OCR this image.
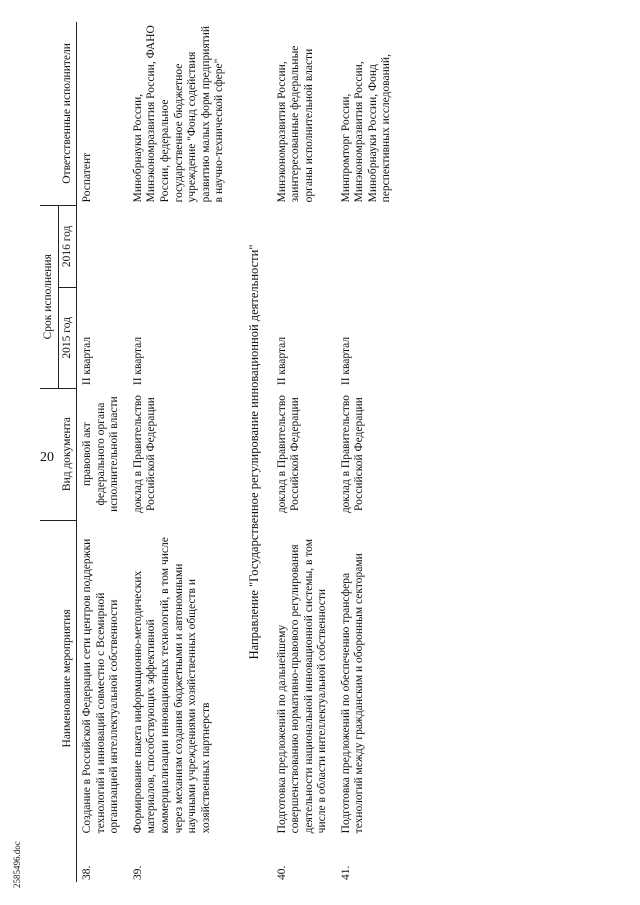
20
2585496.doc
	Наименование мероприятия	Вид документа	Срок исполнения		Ответственные исполнители
			2015 год	2016 год	
38.	Создание в Российской Федерации сети центров поддержки технологий и инноваций совместно с Всемирной организацией интеллектуальной собственности	правовой акт федерального органа исполнительной власти	II квартал		Роспатент
39.	Формирование пакета информационно-методических материалов, способствующих эффективной коммерциализации инновационных технологий, в том числе через механизм создания бюджетными и автономными научными учреждениями хозяйственных обществ и хозяйственных партнерств	доклад в Правительство Российской Федерации	II квартал		Минобрнауки России, Минэкономразвития России, ФАНО России, федеральное государственное бюджетное учреждение "Фонд содействия развитию малых форм предприятий в научно-технической сфере"
Направление "Государственное регулирование инновационной деятельности"					
40.	Подготовка предложений по дальнейшему совершенствованию нормативно-правового регулирования деятельности национальной инновационной системы, в том числе в области интеллектуальной собственности	доклад в Правительство Российской Федерации	II квартал		Минэкономразвития России, заинтересованные федеральные органы исполнительной власти
41.	Подготовка предложений по обеспечению трансфера технологий между гражданским и оборонным секторами	доклад в Правительство Российской Федерации	II квартал		Минпромторг России, Минэкономразвития России, Минобрнауки России, Фонд перспективных исследований,
